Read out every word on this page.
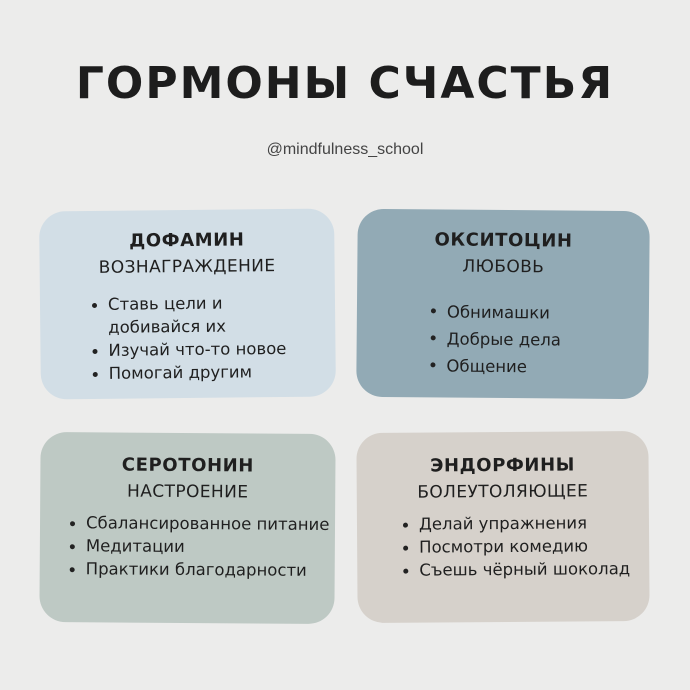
ГОРМОНЫ СЧАСТЬЯ
@mindfulness_school
ДОФАМИН
ВОЗНАГРАЖДЕНИЕ
Ставь цели и добивайся их
Изучай что-то новое
Помогай другим
ОКСИТОЦИН
ЛЮБОВЬ
Обнимашки
Добрые дела
Общение
СЕРОТОНИН
НАСТРОЕНИЕ
Сбалансированное питание
Медитации
Практики благодарности
ЭНДОРФИНЫ
БОЛЕУТОЛЯЮЩЕЕ
Делай упражнения
Посмотри комедию
Съешь чёрный шоколад
